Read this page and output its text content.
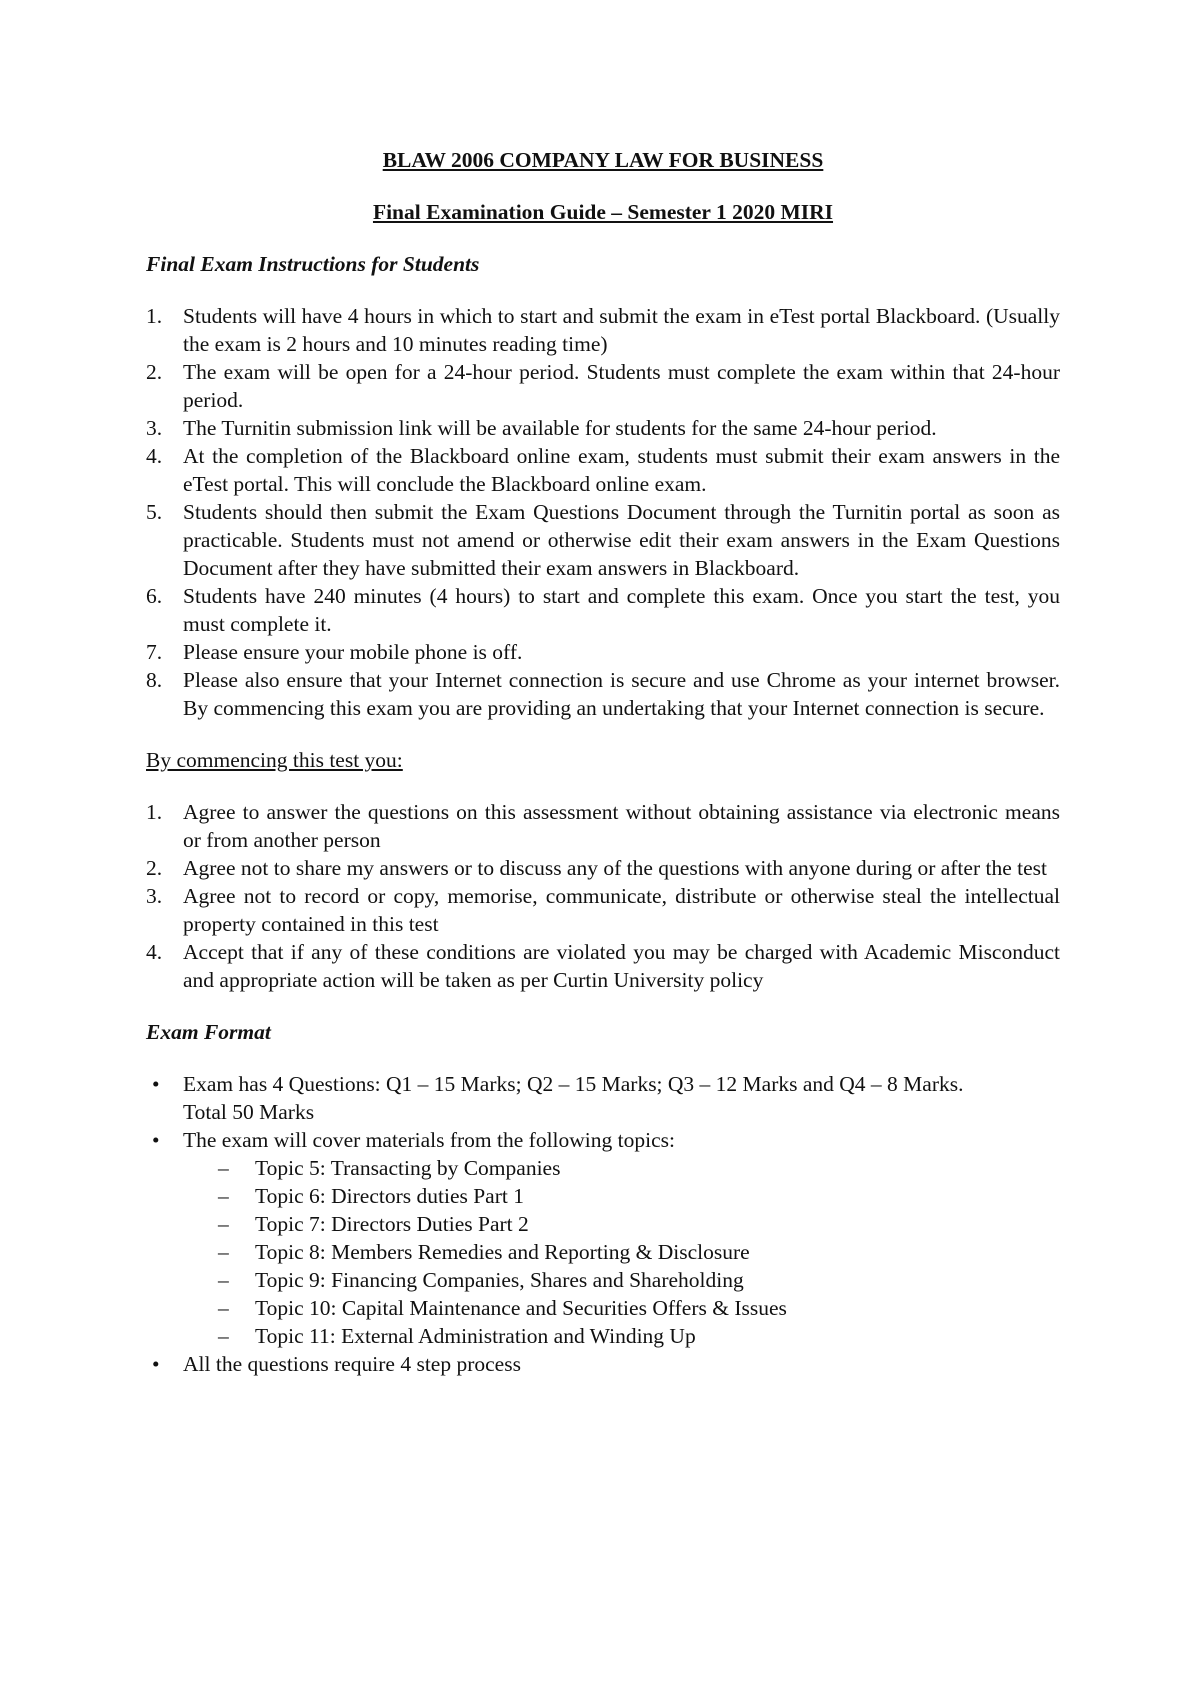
BLAW 2006 COMPANY LAW FOR BUSINESS

Final Examination Guide – Semester 1 2020 MIRI

Final Exam Instructions for Students

1. Students will have 4 hours in which to start and submit the exam in eTest portal Blackboard. (Usually the exam is 2 hours and 10 minutes reading time)
2. The exam will be open for a 24-hour period. Students must complete the exam within that 24-hour period.
3. The Turnitin submission link will be available for students for the same 24-hour period.
4. At the completion of the Blackboard online exam, students must submit their exam answers in the eTest portal. This will conclude the Blackboard online exam.
5. Students should then submit the Exam Questions Document through the Turnitin portal as soon as practicable. Students must not amend or otherwise edit their exam answers in the Exam Questions Document after they have submitted their exam answers in Blackboard.
6. Students have 240 minutes (4 hours) to start and complete this exam. Once you start the test, you must complete it.
7. Please ensure your mobile phone is off.
8. Please also ensure that your Internet connection is secure and use Chrome as your internet browser. By commencing this exam you are providing an undertaking that your Internet connection is secure.

By commencing this test you:

1. Agree to answer the questions on this assessment without obtaining assistance via electronic means or from another person
2. Agree not to share my answers or to discuss any of the questions with anyone during or after the test
3. Agree not to record or copy, memorise, communicate, distribute or otherwise steal the intellectual property contained in this test
4. Accept that if any of these conditions are violated you may be charged with Academic Misconduct and appropriate action will be taken as per Curtin University policy

Exam Format

• Exam has 4 Questions: Q1 – 15 Marks; Q2 – 15 Marks; Q3 – 12 Marks and Q4 – 8 Marks. Total 50 Marks
• The exam will cover materials from the following topics:
– Topic 5: Transacting by Companies
– Topic 6: Directors duties Part 1
– Topic 7: Directors Duties Part 2
– Topic 8: Members Remedies and Reporting & Disclosure
– Topic 9: Financing Companies, Shares and Shareholding
– Topic 10: Capital Maintenance and Securities Offers & Issues
– Topic 11: External Administration and Winding Up
• All the questions require 4 step process
